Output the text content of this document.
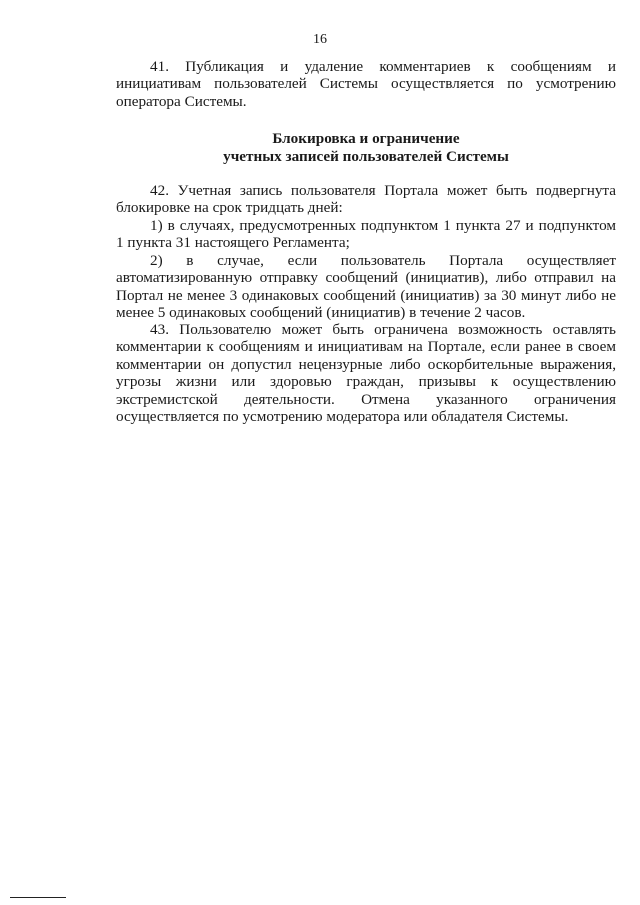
16

41. Публикация и удаление комментариев к сообщениям и инициативам пользователей Системы осуществляется по усмотрению оператора Системы.

Блокировка и ограничение
учетных записей пользователей Системы

42. Учетная запись пользователя Портала может быть подвергнута блокировке на срок тридцать дней:

1) в случаях, предусмотренных подпунктом 1 пункта 27 и подпунктом 1 пункта 31 настоящего Регламента;

2) в случае, если пользователь Портала осуществляет автоматизированную отправку сообщений (инициатив), либо отправил на Портал не менее 3 одинаковых сообщений (инициатив) за 30 минут либо не менее 5 одинаковых сообщений (инициатив) в течение 2 часов.

43. Пользователю может быть ограничена возможность оставлять комментарии к сообщениям и инициативам на Портале, если ранее в своем комментарии он допустил нецензурные либо оскорбительные выражения, угрозы жизни или здоровью граждан, призывы к осуществлению экстремистской деятельности. Отмена указанного ограничения осуществляется по усмотрению модератора или обладателя Системы.
